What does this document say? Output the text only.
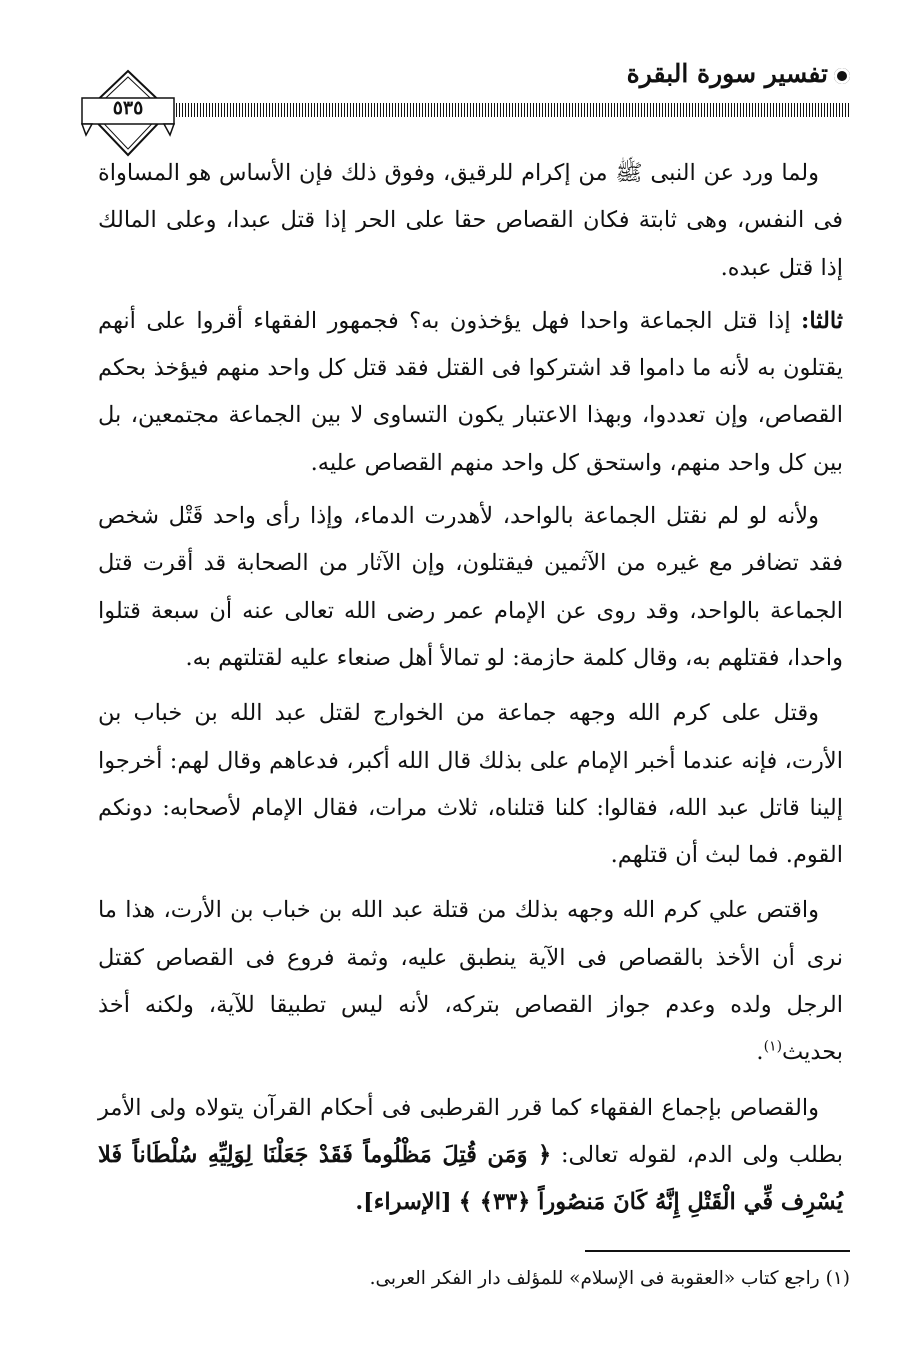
تفسير سورة البقرة
٥٣٥

ولما ورد عن النبى ﷺ من إكرام للرقيق، وفوق ذلك فإن الأساس هو المساواة فى النفس، وهى ثابتة فكان القصاص حقا على الحر إذا قتل عبدا، وعلى المالك إذا قتل عبده.

ثالثا: إذا قتل الجماعة واحدا فهل يؤخذون به؟ فجمهور الفقهاء أقروا على أنهم يقتلون به لأنه ما داموا قد اشتركوا فى القتل فقد قتل كل واحد منهم فيؤخذ بحكم القصاص، وإن تعددوا، وبهذا الاعتبار يكون التساوى لا بين الجماعة مجتمعين، بل بين كل واحد منهم، واستحق كل واحد منهم القصاص عليه.

ولأنه لو لم نقتل الجماعة بالواحد، لأهدرت الدماء، وإذا رأى واحد قَتْل شخص فقد تضافر مع غيره من الآثمين فيقتلون، وإن الآثار من الصحابة قد أقرت قتل الجماعة بالواحد، وقد روى عن الإمام عمر رضى الله تعالى عنه أن سبعة قتلوا واحدا، فقتلهم به، وقال كلمة حازمة: لو تمالأ أهل صنعاء عليه لقتلتهم به.

وقتل على كرم الله وجهه جماعة من الخوارج لقتل عبد الله بن خباب بن الأرت، فإنه عندما أخبر الإمام على بذلك قال الله أكبر، فدعاهم وقال لهم: أخرجوا إلينا قاتل عبد الله، فقالوا: كلنا قتلناه، ثلاث مرات، فقال الإمام لأصحابه: دونكم القوم. فما لبث أن قتلهم.

واقتص علي كرم الله وجهه بذلك من قتلة عبد الله بن خباب بن الأرت، هذا ما نرى أن الأخذ بالقصاص فى الآية ينطبق عليه، وثمة فروع فى القصاص كقتل الرجل ولده وعدم جواز القصاص بتركه، لأنه ليس تطبيقا للآية، ولكنه أخذ بحديث$^{(١)}$.

والقصاص بإجماع الفقهاء كما قرر القرطبى فى أحكام القرآن يتولاه ولى الأمر بطلب ولى الدم، لقوله تعالى: ﴿ وَمَن قُتِلَ مَظْلُوماً فَقَدْ جَعَلْنَا لِوَلِيِّهِ سُلْطَاناً فَلا يُسْرِف فِّي الْقَتْلِ إِنَّهُ كَانَ مَنصُوراً ﴿٣٣﴾ ﴾ [الإسراء].

(١) راجع كتاب «العقوبة فى الإسلام» للمؤلف دار الفكر العربى.
